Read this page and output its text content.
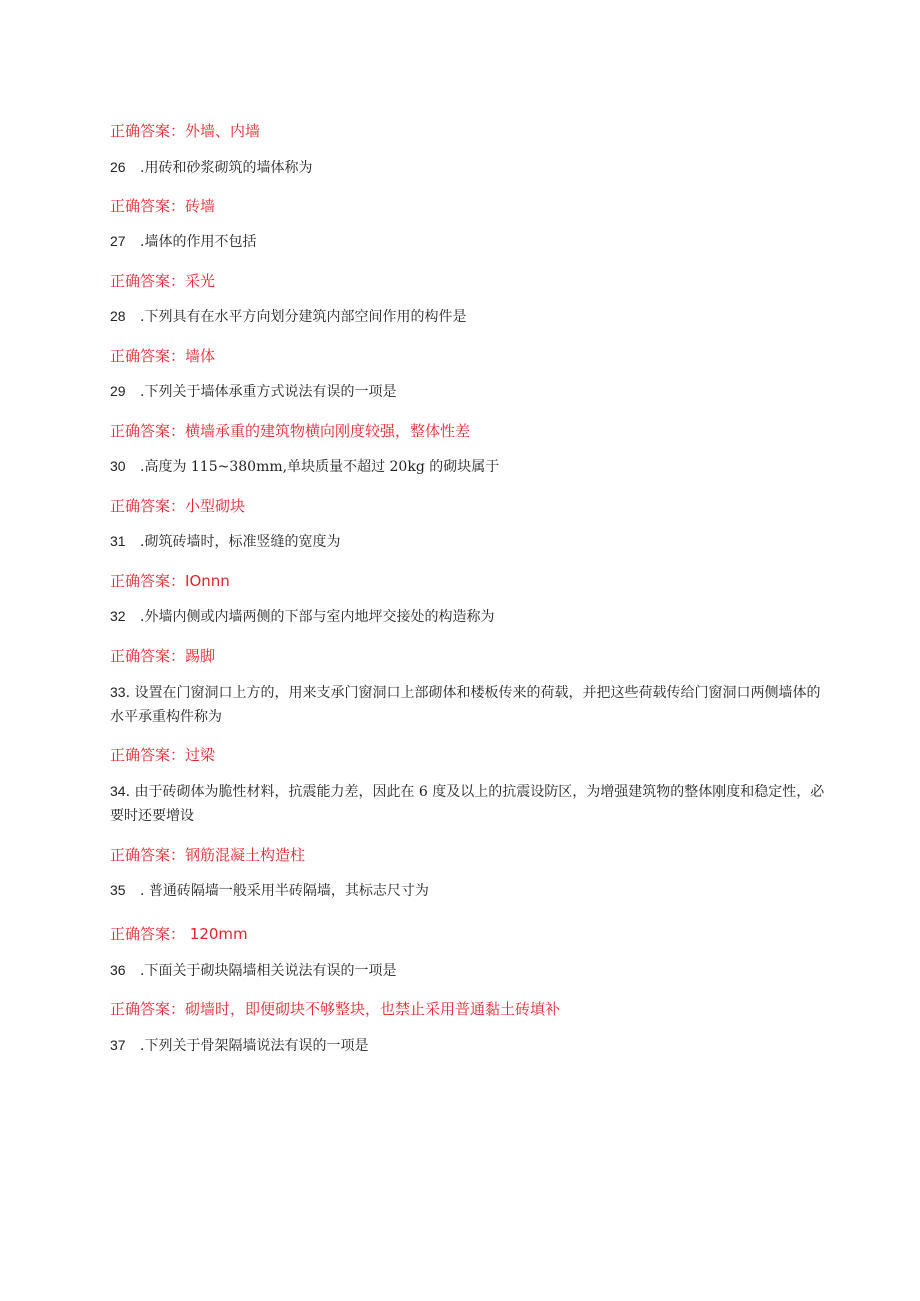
正确答案：外墙、内墙
26 .用砖和砂浆砌筑的墙体称为
正确答案：砖墙
27 .墙体的作用不包括
正确答案：采光
28 .下列具有在水平方向划分建筑内部空间作用的构件是
正确答案：墙体
29 .下列关于墙体承重方式说法有误的一项是
正确答案：横墙承重的建筑物横向刚度较强，整体性差
30 .高度为 115~380mm,单块质量不超过 20kg 的砌块属于
正确答案：小型砌块
31 .砌筑砖墙时，标准竖缝的宽度为
正确答案：IOnnn
32 .外墙内侧或内墙两侧的下部与室内地坪交接处的构造称为
正确答案：踢脚
33. 设置在门窗洞口上方的，用来支承门窗洞口上部砌体和楼板传来的荷载，并把这些荷载传给门窗洞口两侧墙体的水平承重构件称为
正确答案：过梁
34. 由于砖砌体为脆性材料，抗震能力差，因此在 6 度及以上的抗震设防区，为增强建筑物的整体刚度和稳定性，必要时还要增设
正确答案：钢筋混凝土构造柱
35 . 普通砖隔墙一般采用半砖隔墙，其标志尺寸为
正确答案： 120mm
36 .下面关于砌块隔墙相关说法有误的一项是
正确答案：砌墙时，即便砌块不够整块，也禁止采用普通黏土砖填补
37 .下列关于骨架隔墙说法有误的一项是
